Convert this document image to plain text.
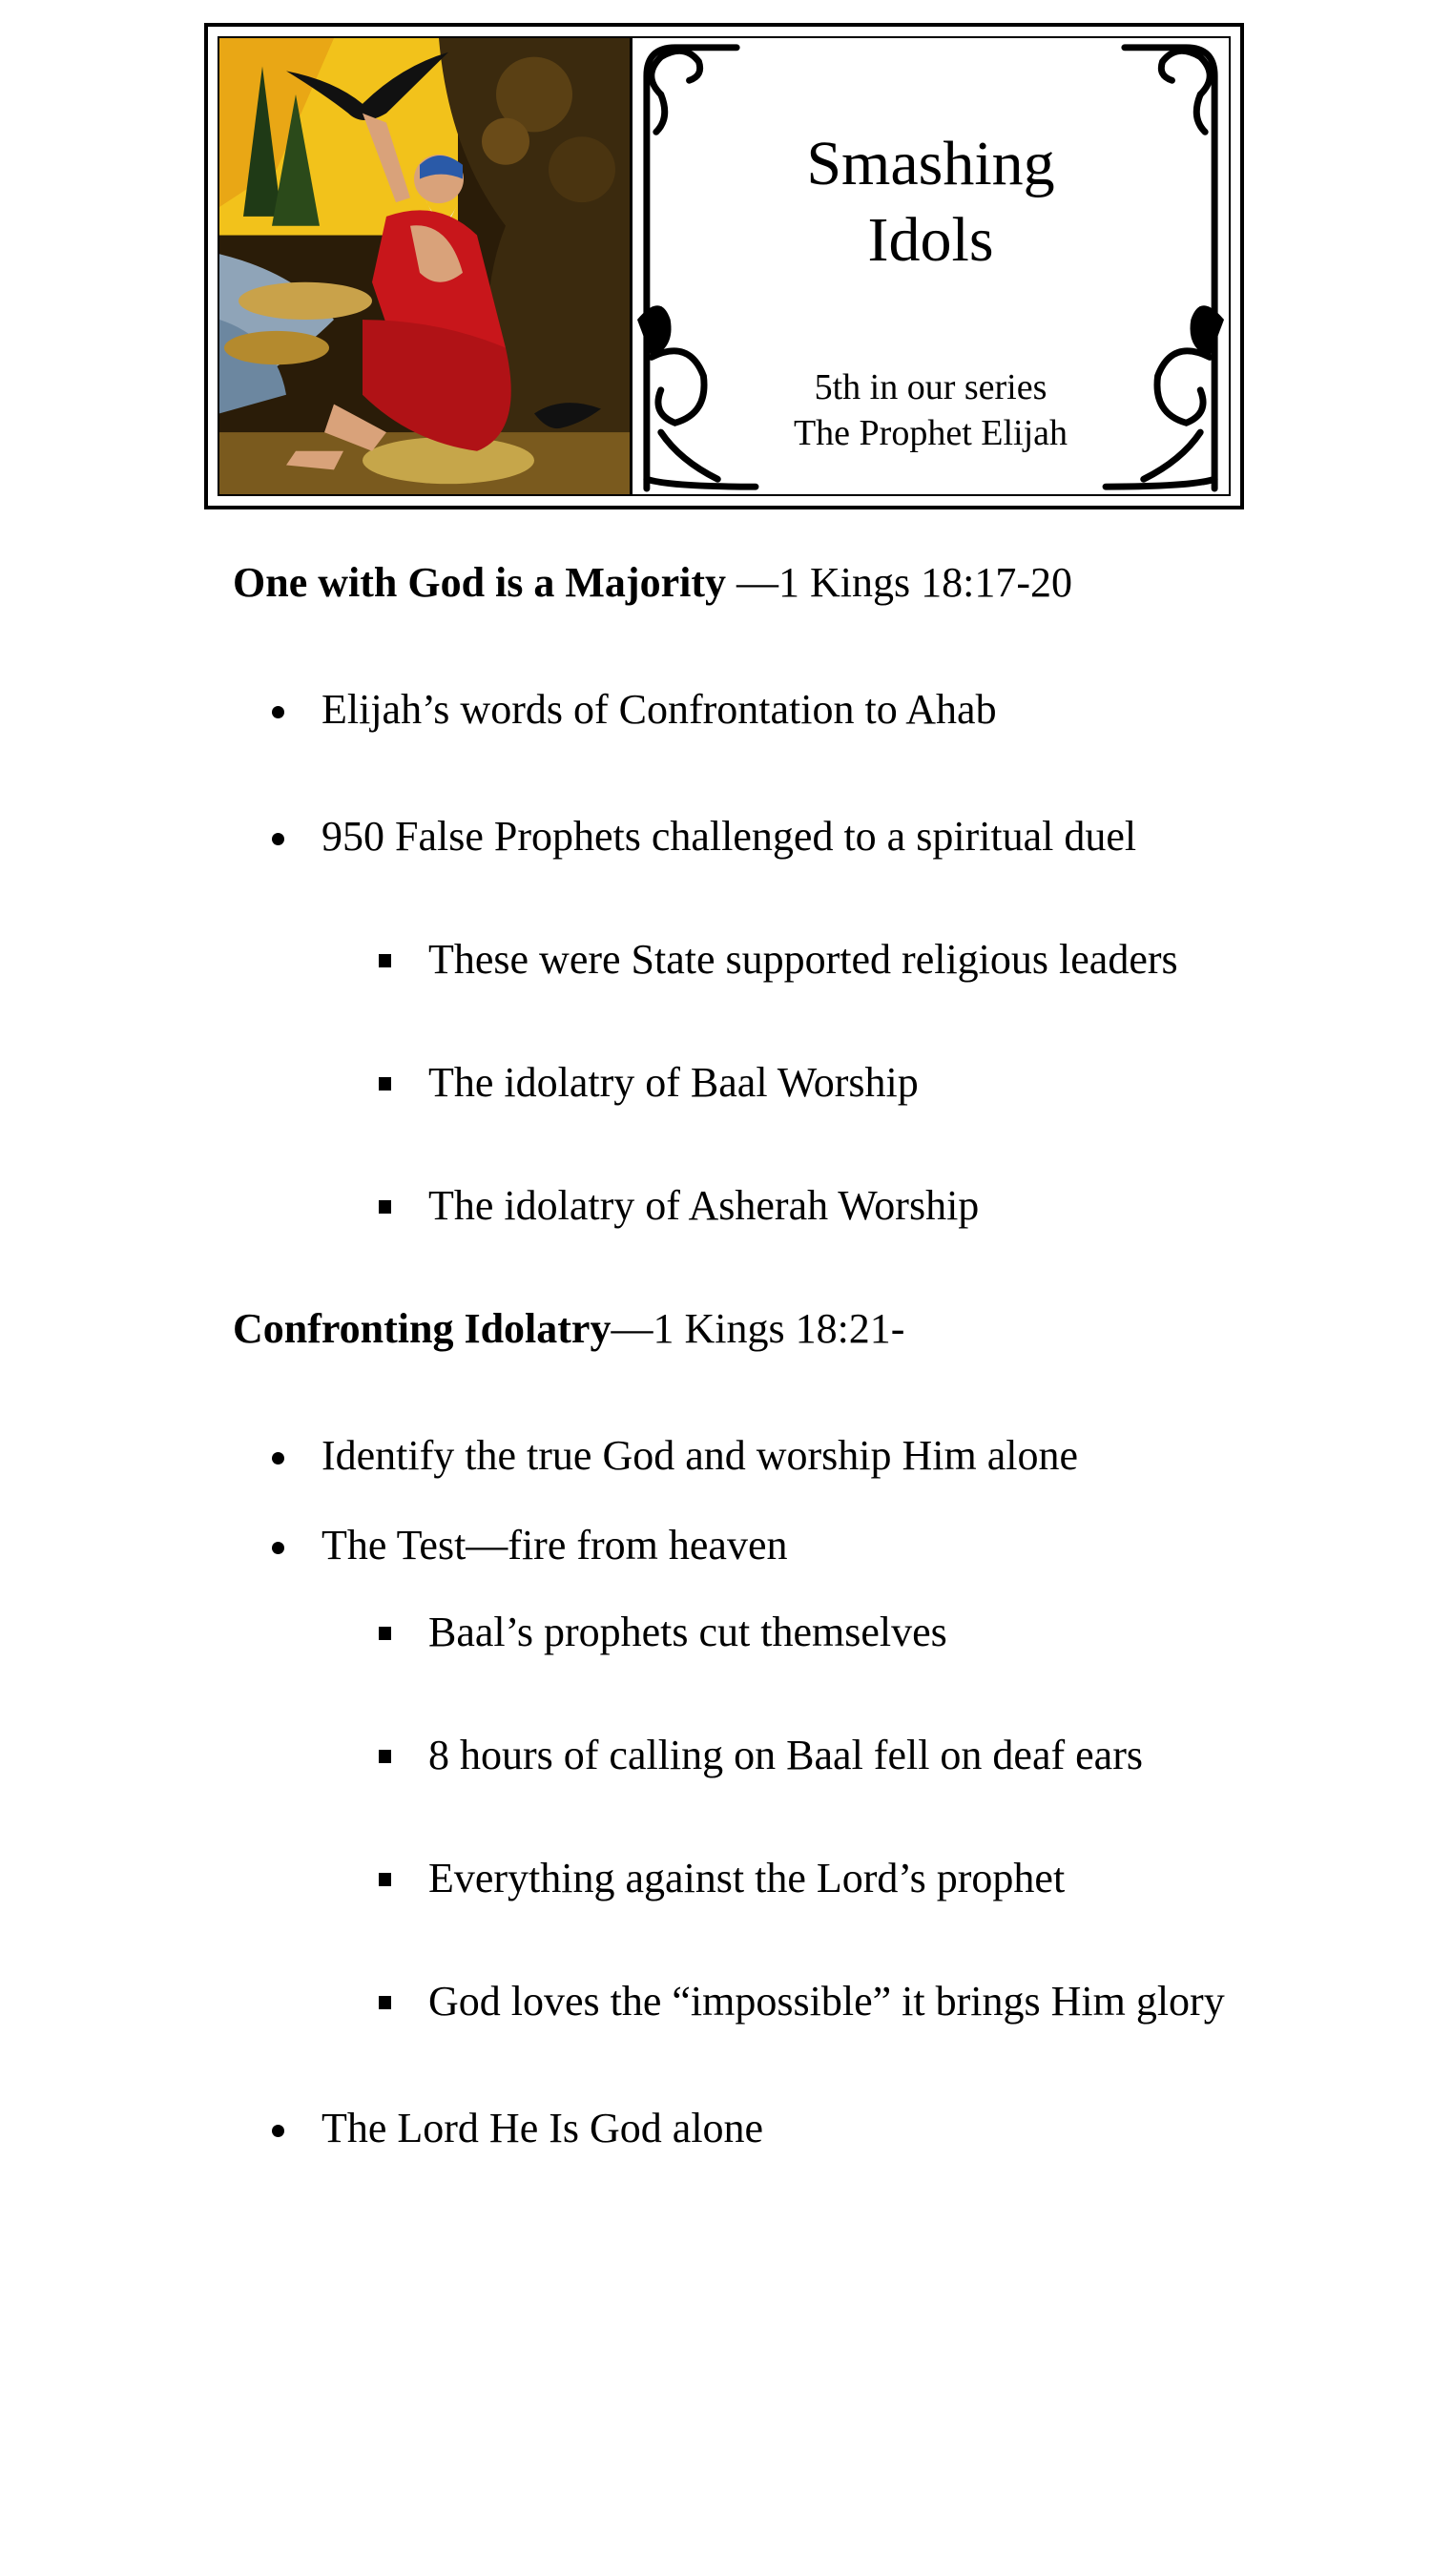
Smashing
Idols
5th in our series
The Prophet Elijah
One with God is a Majority —1 Kings 18:17-20
Elijah’s words of Confrontation to Ahab
950 False Prophets challenged to a spiritual duel
These were State supported religious leaders
The idolatry of Baal Worship
The idolatry of Asherah Worship
Confronting Idolatry—1 Kings 18:21-
Identify the true God and worship Him alone
The Test—fire from heaven
Baal’s prophets cut themselves
8 hours of calling on Baal fell on deaf ears
Everything against the Lord’s prophet
God loves the “impossible” it brings Him glory
The Lord He Is God alone
